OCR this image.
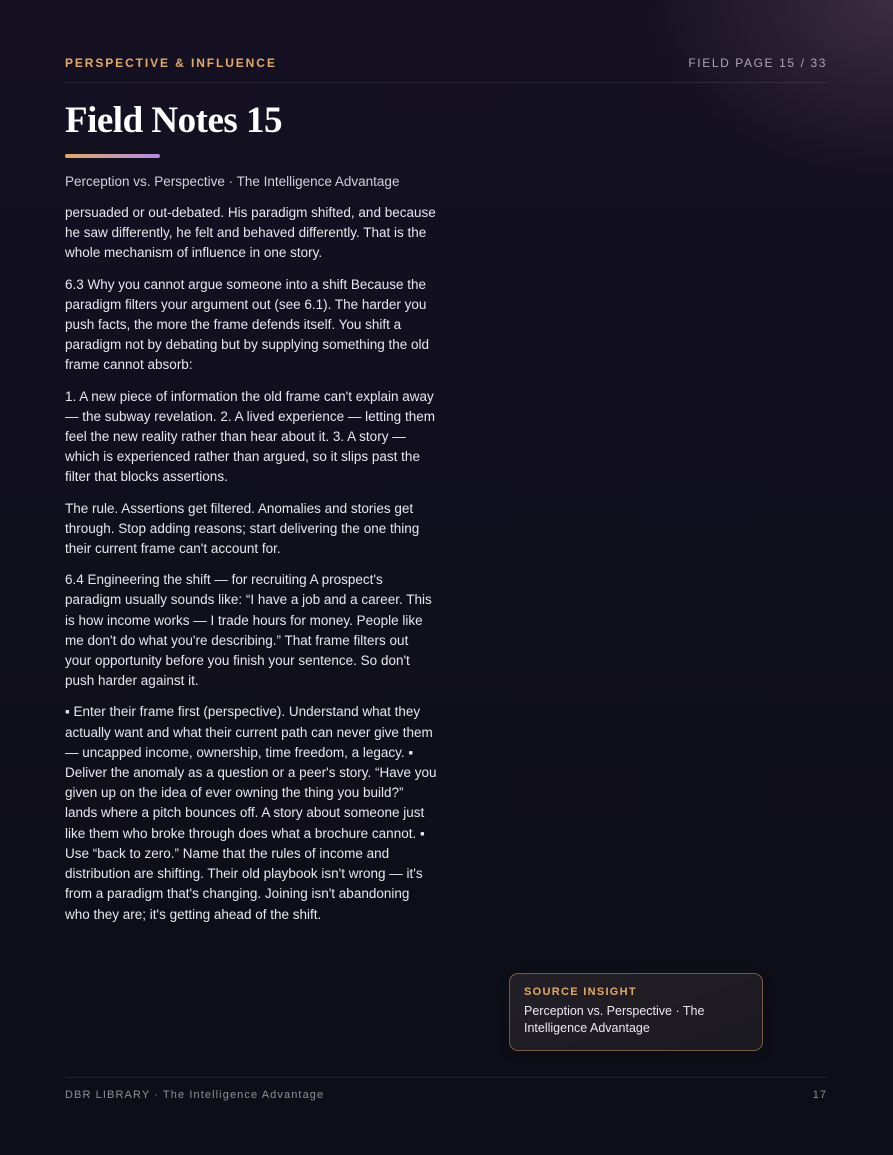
PERSPECTIVE & INFLUENCE	FIELD PAGE 15 / 33
Field Notes 15
Perception vs. Perspective · The Intelligence Advantage

persuaded or out-debated. His paradigm shifted, and because he saw differently, he felt and behaved differently. That is the whole mechanism of influence in one story.

6.3 Why you cannot argue someone into a shift Because the paradigm filters your argument out (see 6.1). The harder you push facts, the more the frame defends itself. You shift a paradigm not by debating but by supplying something the old frame cannot absorb:

1. A new piece of information the old frame can't explain away — the subway revelation. 2. A lived experience — letting them feel the new reality rather than hear about it. 3. A story — which is experienced rather than argued, so it slips past the filter that blocks assertions.

The rule. Assertions get filtered. Anomalies and stories get through. Stop adding reasons; start delivering the one thing their current frame can't account for.

6.4 Engineering the shift — for recruiting A prospect's paradigm usually sounds like: “I have a job and a career. This is how income works — I trade hours for money. People like me don't do what you're describing.” That frame filters out your opportunity before you finish your sentence. So don't push harder against it.

▪ Enter their frame first (perspective). Understand what they actually want and what their current path can never give them — uncapped income, ownership, time freedom, a legacy. ▪ Deliver the anomaly as a question or a peer's story. “Have you given up on the idea of ever owning the thing you build?” lands where a pitch bounces off. A story about someone just like them who broke through does what a brochure cannot. ▪ Use “back to zero.” Name that the rules of income and distribution are shifting. Their old playbook isn't wrong — it's from a paradigm that's changing. Joining isn't abandoning who they are; it's getting ahead of the shift.

SOURCE INSIGHT
Perception vs. Perspective · The Intelligence Advantage
DBR LIBRARY · The Intelligence Advantage	17
